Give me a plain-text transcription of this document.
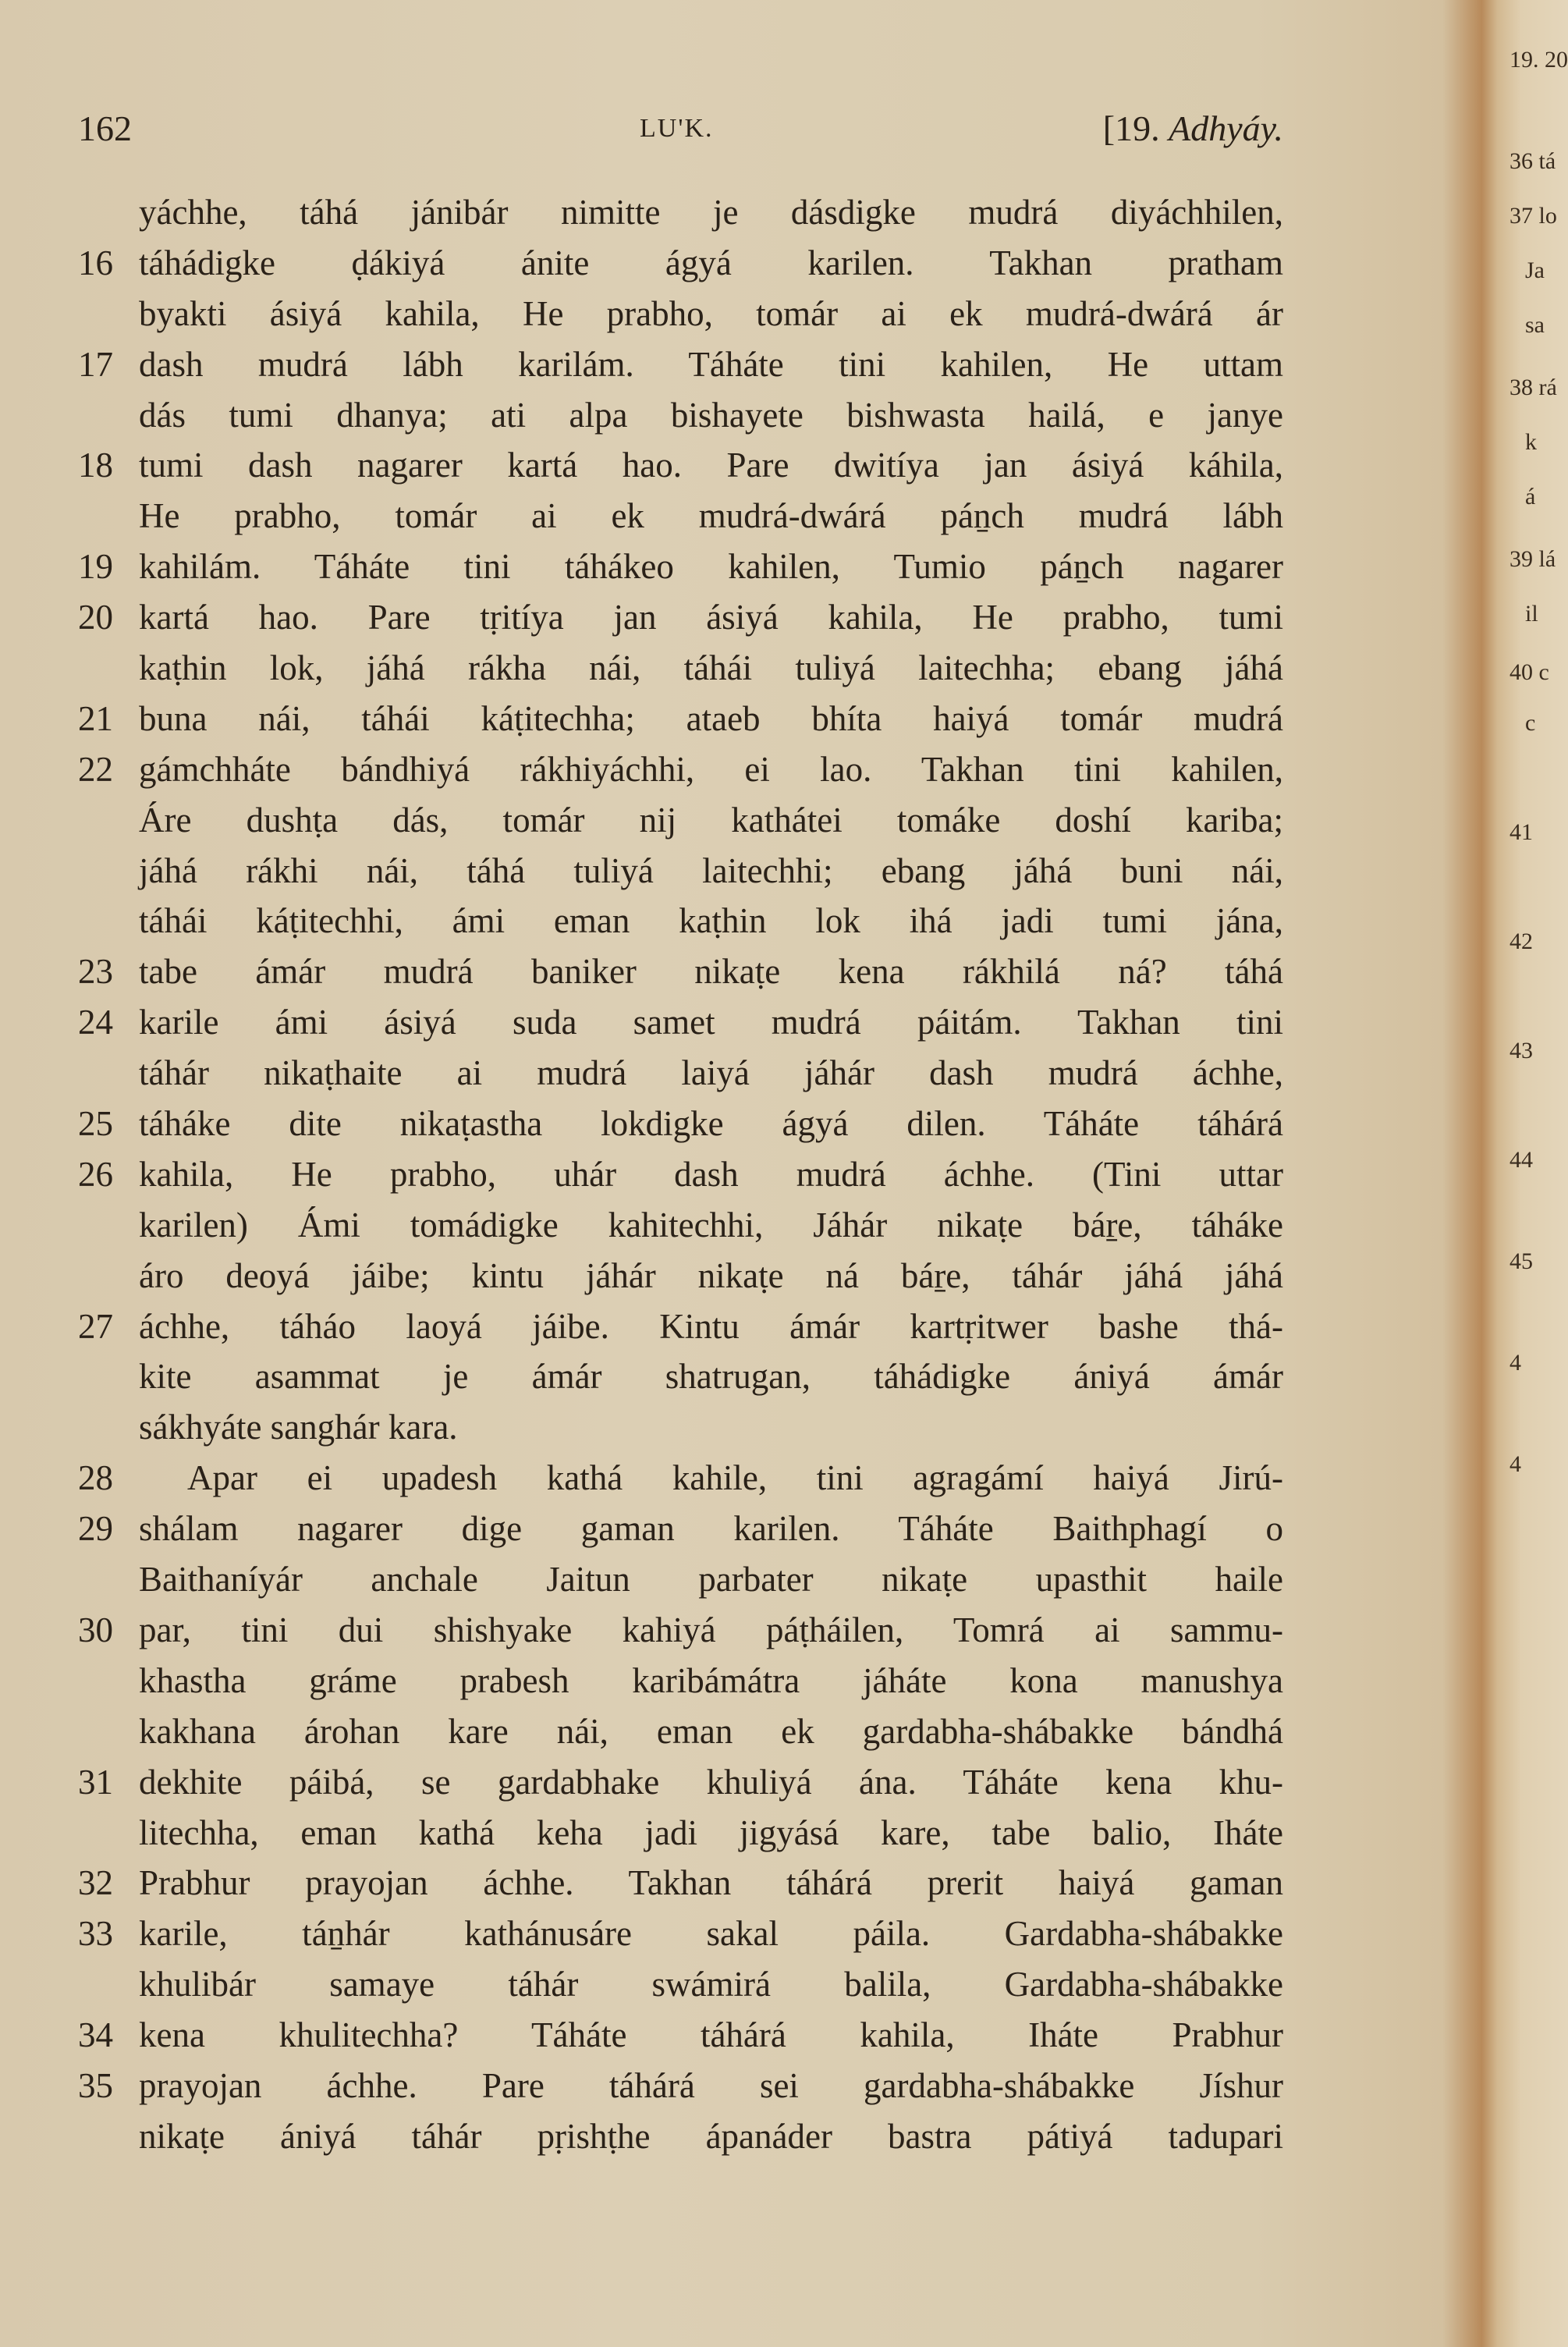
162	LU'K.	[19. Adhyáy.
yáchhe, táhá jánibár nimitte je dásdigke mudrá diyáchhilen,
16 táhádigke ḍákiyá ánite ágyá karilen. Takhan pratham
byakti ásiyá kahila, He prabho, tomár ai ek mudrá-dwárá ár
17 dash mudrá lábh karilám. Táháte tini kahilen, He uttam
dás tumi dhanya; ati alpa bishayete bishwasta hailá, e janye
18 tumi dash nagarer kartá hao. Pare dwitíya jan ásiyá káhila,
He prabho, tomár ai ek mudrá-dwárá páṉch mudrá lábh
19 kahilám. Táháte tini táhákeo kahilen, Tumio páṉch nagarer
20 kartá hao. Pare tṛitíya jan ásiyá kahila, He prabho, tumi
kaṭhin lok, jáhá rákha nái, táhái tuliyá laitechha; ebang jáhá
21 buna nái, táhái káṭitechha; ataeb bhíta haiyá tomár mudrá
22 gámchháte bándhiyá rákhiyáchhi, ei lao. Takhan tini kahilen,
Áre dushṭa dás, tomár nij kathátei tomáke doshí kariba;
jáhá rákhi nái, táhá tuliyá laitechhi; ebang jáhá buni nái,
táhái káṭitechhi, ámi eman kaṭhin lok ihá jadi tumi jána,
23 tabe ámár mudrá baniker nikaṭe kena rákhilá ná? táhá
24 karile ámi ásiyá suda samet mudrá páitám. Takhan tini
táhár nikaṭhaite ai mudrá laiyá jáhár dash mudrá áchhe,
25 táháke dite nikaṭastha lokdigke ágyá dilen. Táháte táhárá
26 kahila, He prabho, uhár dash mudrá áchhe. (Tini uttar
karilen) Ámi tomádigke kahitechhi, Jáhár nikaṭe báṟe, táháke
áro deoyá jáibe; kintu jáhár nikaṭe ná báṟe, táhár jáhá jáhá
27 áchhe, táháo laoyá jáibe. Kintu ámár kartṛitwer bashe thá-
kite asammat je ámár shatrugan, táhádigke ániyá ámár
sákhyáte sanghár kara.
28	Apar ei upadesh kathá kahile, tini agragámí haiyá Jirú-
29 shálam nagarer dige gaman karilen. Táháte Baithphagí o
Baithaníyár anchale Jaitun parbater nikaṭe upasthit haile
30 par, tini dui shishyake kahiyá páṭháilen, Tomrá ai sammu-
khastha gráme prabesh karibámátra jáháte kona manushya
kakhana árohan kare nái, eman ek gardabha-shábakke bándhá
31 dekhite páibá, se gardabhake khuliyá ána. Táháte kena khu-
litechha, eman kathá keha jadi jigyásá kare, tabe balio, Iháte
32 Prabhur prayojan áchhe. Takhan táhárá prerit haiyá gaman
33 karile, táṉhár kathánusáre sakal páila. Gardabha-shábakke
khulibár samaye táhár swámirá balila, Gardabha-shábakke
34 kena khulitechha? Táháte táhárá kahila, Iháte Prabhur
35 prayojan áchhe. Pare táhárá sei gardabha-shábakke Jíshur
nikaṭe ániyá táhár pṛishṭhe ápanáder bastra pátiyá tadupari
19. 20
36 tá
37 lo
Ja
sa
38 rá
k
á
39 lá
il
40 c
c
41
42
43
44
45
4
4
